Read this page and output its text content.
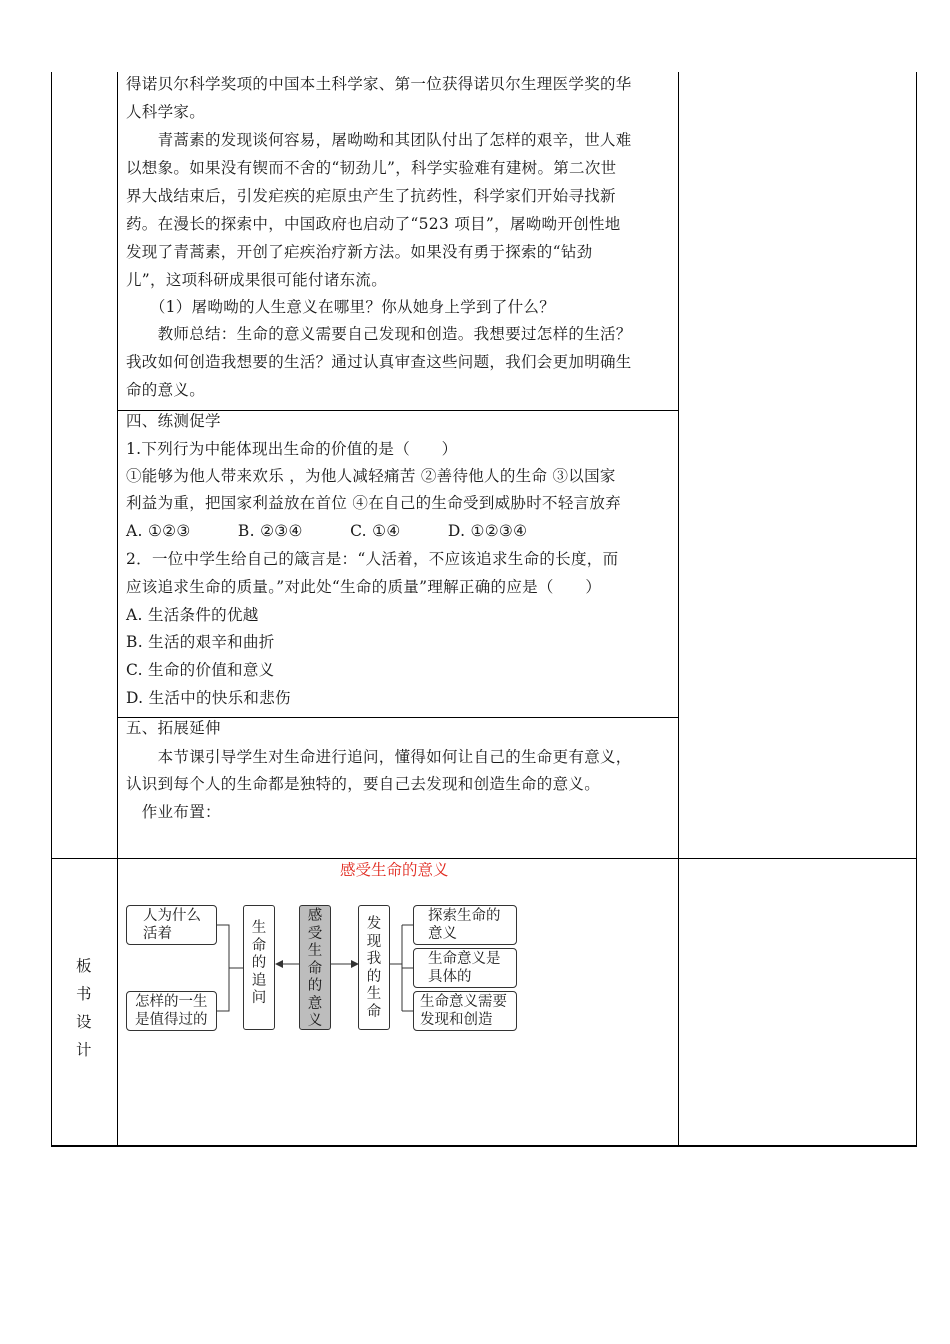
得诺贝尔科学奖项的中国本土科学家、第一位获得诺贝尔生理医学奖的华
人科学家。
　　青蒿素的发现谈何容易，屠呦呦和其团队付出了怎样的艰辛，世人难
以想象。如果没有锲而不舍的“韧劲儿”，科学实验难有建树。第二次世
界大战结束后，引发疟疾的疟原虫产生了抗药性，科学家们开始寻找新
药。在漫长的探索中，中国政府也启动了“523 项目”，屠呦呦开创性地
发现了青蒿素，开创了疟疾治疗新方法。如果没有勇于探索的“钻劲
儿”，这项科研成果很可能付诸东流。
　　（1）屠呦呦的人生意义在哪里？你从她身上学到了什么？
　　教师总结：生命的意义需要自己发现和创造。我想要过怎样的生活？
我改如何创造我想要的生活？通过认真审查这些问题，我们会更加明确生
命的意义。
四、练测促学
1.下列行为中能体现出生命的价值的是（　　）
①能够为他人带来欢乐 ，为他人减轻痛苦 ②善待他人的生命 ③以国家
利益为重，把国家利益放在首位 ④在自己的生命受到威胁时不轻言放弃
A. ①②③　　　B. ②③④　　　C. ①④　　　D. ①②③④
2．一位中学生给自己的箴言是：“人活着，不应该追求生命的长度，而
应该追求生命的质量。”对此处“生命的质量”理解正确的应是（　　）
A. 生活条件的优越
B. 生活的艰辛和曲折
C. 生命的价值和意义
D. 生活中的快乐和悲伤
五、拓展延伸
　　本节课引导学生对生命进行追问，懂得如何让自己的生命更有意义，
认识到每个人的生命都是独特的，要自己去发现和创造生命的意义。
　作业布置：
板
书
设
计
感受生命的意义
人为什么
活着
怎样的一生
是值得过的
生
命
的
追
问
感
受
生
命
的
意
义
发
现
我
的
生
命
探索生命的
意义
生命意义是
具体的
生命意义需要
发现和创造
